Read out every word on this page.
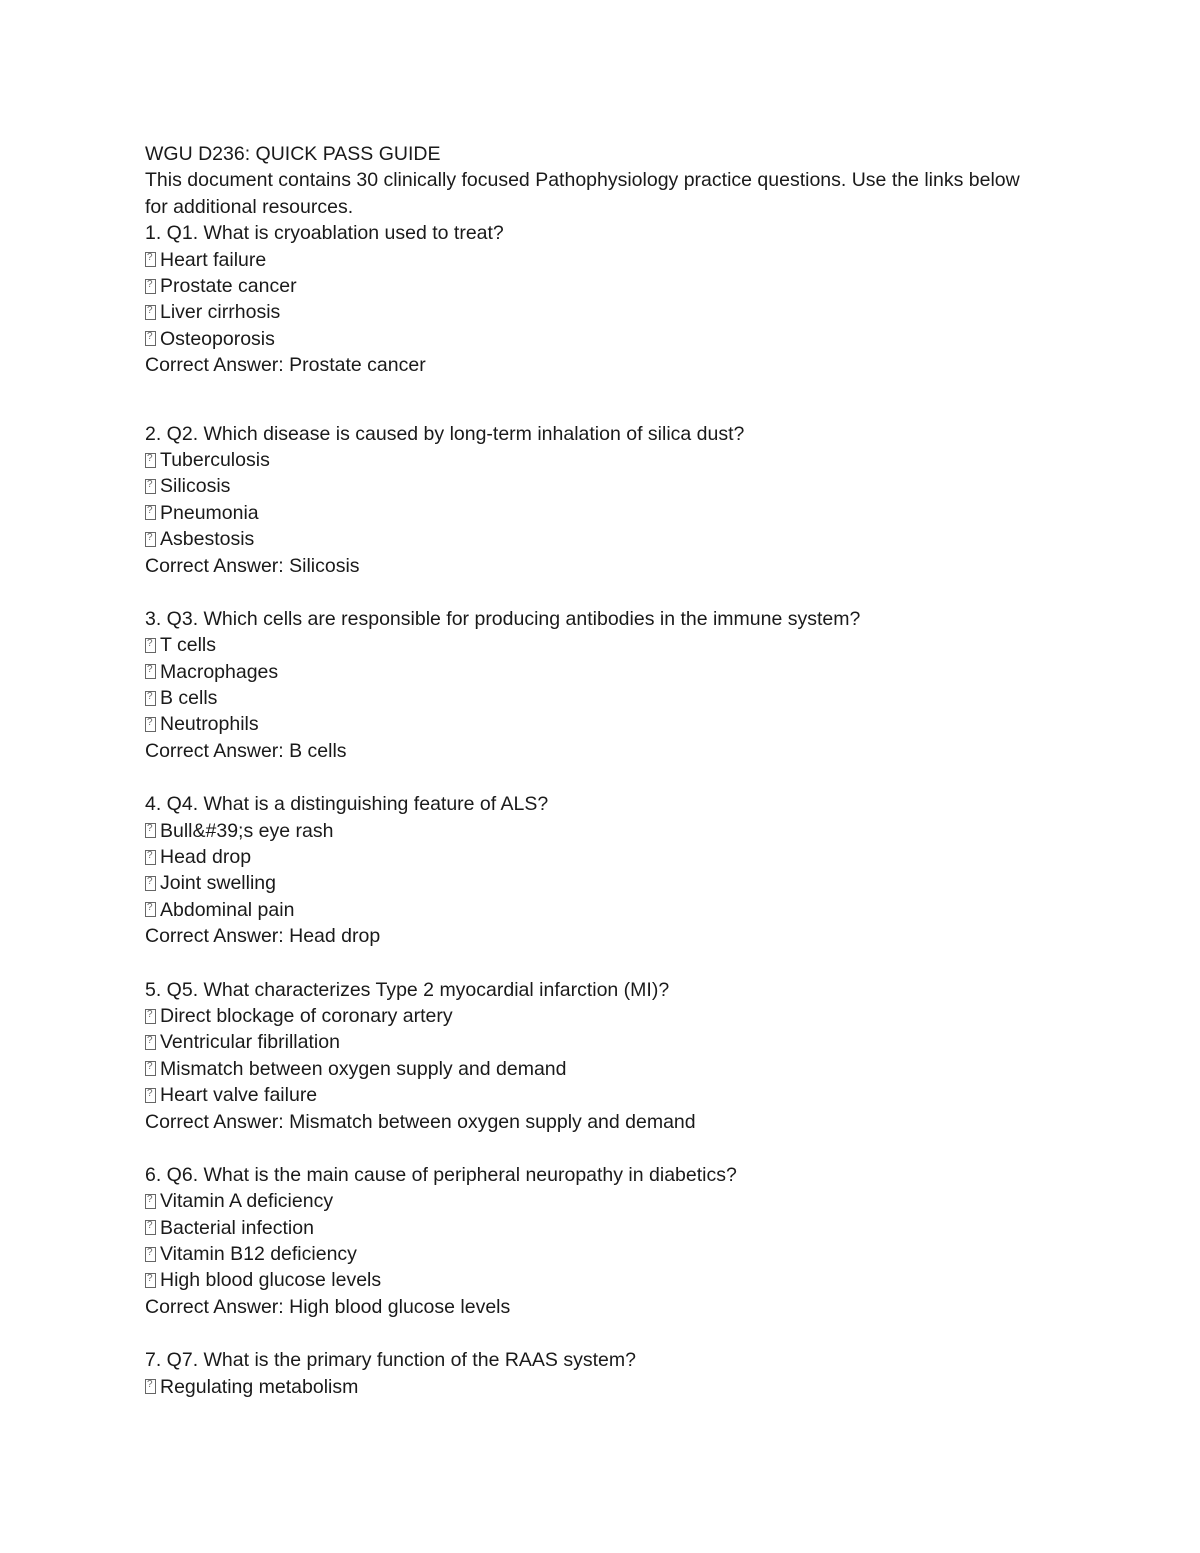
WGU D236: QUICK PASS GUIDE
This document contains 30 clinically focused Pathophysiology practice questions. Use the links below for additional resources.
1. Q1. What is cryoablation used to treat?
?
Heart failure
?
Prostate cancer
?
Liver cirrhosis
?
Osteoporosis
Correct Answer: Prostate cancer
2. Q2. Which disease is caused by long-term inhalation of silica dust?
?
Tuberculosis
?
Silicosis
?
Pneumonia
?
Asbestosis
Correct Answer: Silicosis
3. Q3. Which cells are responsible for producing antibodies in the immune system?
?
T cells
?
Macrophages
?
B cells
?
Neutrophils
Correct Answer: B cells
4. Q4. What is a distinguishing feature of ALS?
?
Bull&#39;s eye rash
?
Head drop
?
Joint swelling
?
Abdominal pain
Correct Answer: Head drop
5. Q5. What characterizes Type 2 myocardial infarction (MI)?
?
Direct blockage of coronary artery
?
Ventricular fibrillation
?
Mismatch between oxygen supply and demand
?
Heart valve failure
Correct Answer: Mismatch between oxygen supply and demand
6. Q6. What is the main cause of peripheral neuropathy in diabetics?
?
Vitamin A deficiency
?
Bacterial infection
?
Vitamin B12 deficiency
?
High blood glucose levels
Correct Answer: High blood glucose levels
7. Q7. What is the primary function of the RAAS system?
?
Regulating metabolism
